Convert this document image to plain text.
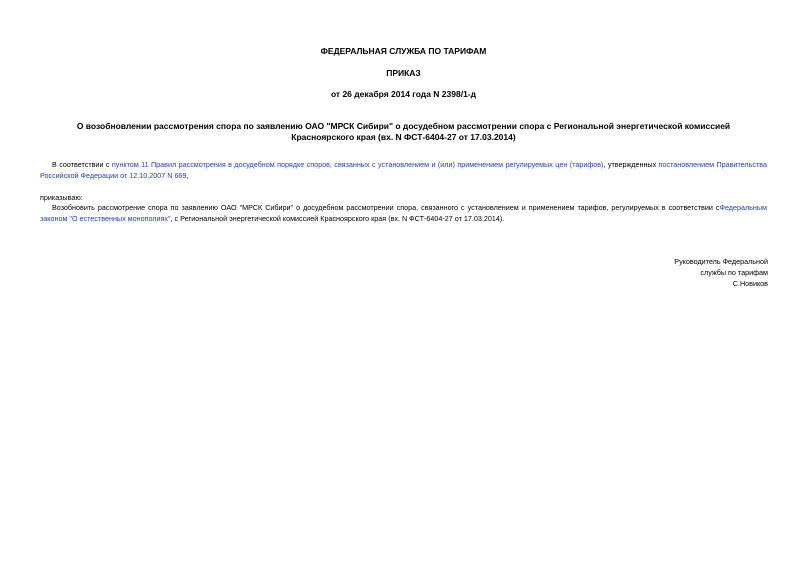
ФЕДЕРАЛЬНАЯ СЛУЖБА ПО ТАРИФАМ
ПРИКАЗ
от 26 декабря 2014 года N 2398/1-д
О возобновлении рассмотрения спора по заявлению ОАО "МРСК Сибири" о досудебном рассмотрении спора с Региональной энергетической комиссией
Красноярского края (вх. N ФСТ-6404-27 от 17.03.2014)
В соответствии с пунктом 11 Правил рассмотрения в досудебном порядке споров, связанных с установлением и (или) применением регулируемых цен (тарифов), утвержденных постановлением Правительства Российской Федерации от 12.10.2007 N 669,
приказываю:
Возобновить рассмотрение спора по заявлению ОАО "МРСК Сибири" о досудебном рассмотрении спора, связанного с установлением и применением тарифов, регулируемых в соответствии сФедеральным законом "О естественных монополиях", с Региональной энергетической комиссией Красноярского края (вх. N ФСТ-6404-27 от 17.03.2014).
Руководитель Федеральной
службы по тарифам
С.Новиков
